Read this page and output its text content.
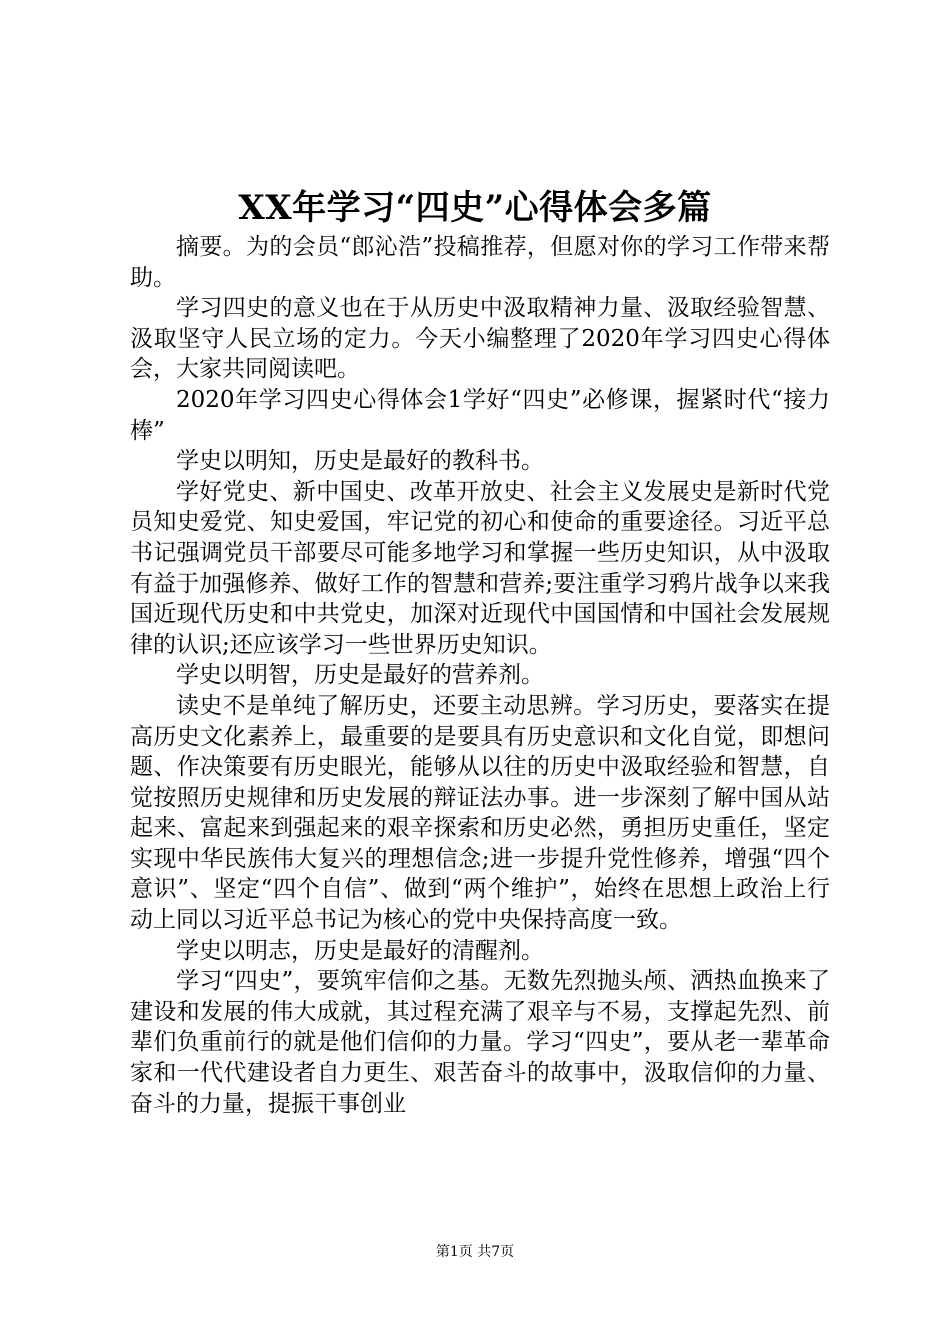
XX年学习“四史”心得体会多篇

摘要。为的会员“郎沁浩”投稿推荐，但愿对你的学习工作带来帮助。

学习四史的意义也在于从历史中汲取精神力量、汲取经验智慧、汲取坚守人民立场的定力。今天小编整理了2020年学习四史心得体会，大家共同阅读吧。

2020年学习四史心得体会1学好“四史”必修课，握紧时代“接力棒”

学史以明知，历史是最好的教科书。

学好党史、新中国史、改革开放史、社会主义发展史是新时代党员知史爱党、知史爱国，牢记党的初心和使命的重要途径。习近平总书记强调党员干部要尽可能多地学习和掌握一些历史知识，从中汲取有益于加强修养、做好工作的智慧和营养;要注重学习鸦片战争以来我国近现代历史和中共党史，加深对近现代中国国情和中国社会发展规律的认识;还应该学习一些世界历史知识。

学史以明智，历史是最好的营养剂。

读史不是单纯了解历史，还要主动思辨。学习历史，要落实在提高历史文化素养上，最重要的是要具有历史意识和文化自觉，即想问题、作决策要有历史眼光，能够从以往的历史中汲取经验和智慧，自觉按照历史规律和历史发展的辩证法办事。进一步深刻了解中国从站起来、富起来到强起来的艰辛探索和历史必然，勇担历史重任，坚定实现中华民族伟大复兴的理想信念;进一步提升党性修养，增强“四个意识”、坚定“四个自信”、做到“两个维护”，始终在思想上政治上行动上同以习近平总书记为核心的党中央保持高度一致。

学史以明志，历史是最好的清醒剂。

学习“四史”，要筑牢信仰之基。无数先烈抛头颅、洒热血换来了建设和发展的伟大成就，其过程充满了艰辛与不易，支撑起先烈、前辈们负重前行的就是他们信仰的力量。学习“四史”，要从老一辈革命家和一代代建设者自力更生、艰苦奋斗的故事中，汲取信仰的力量、奋斗的力量，提振干事创业

第1页 共7页
